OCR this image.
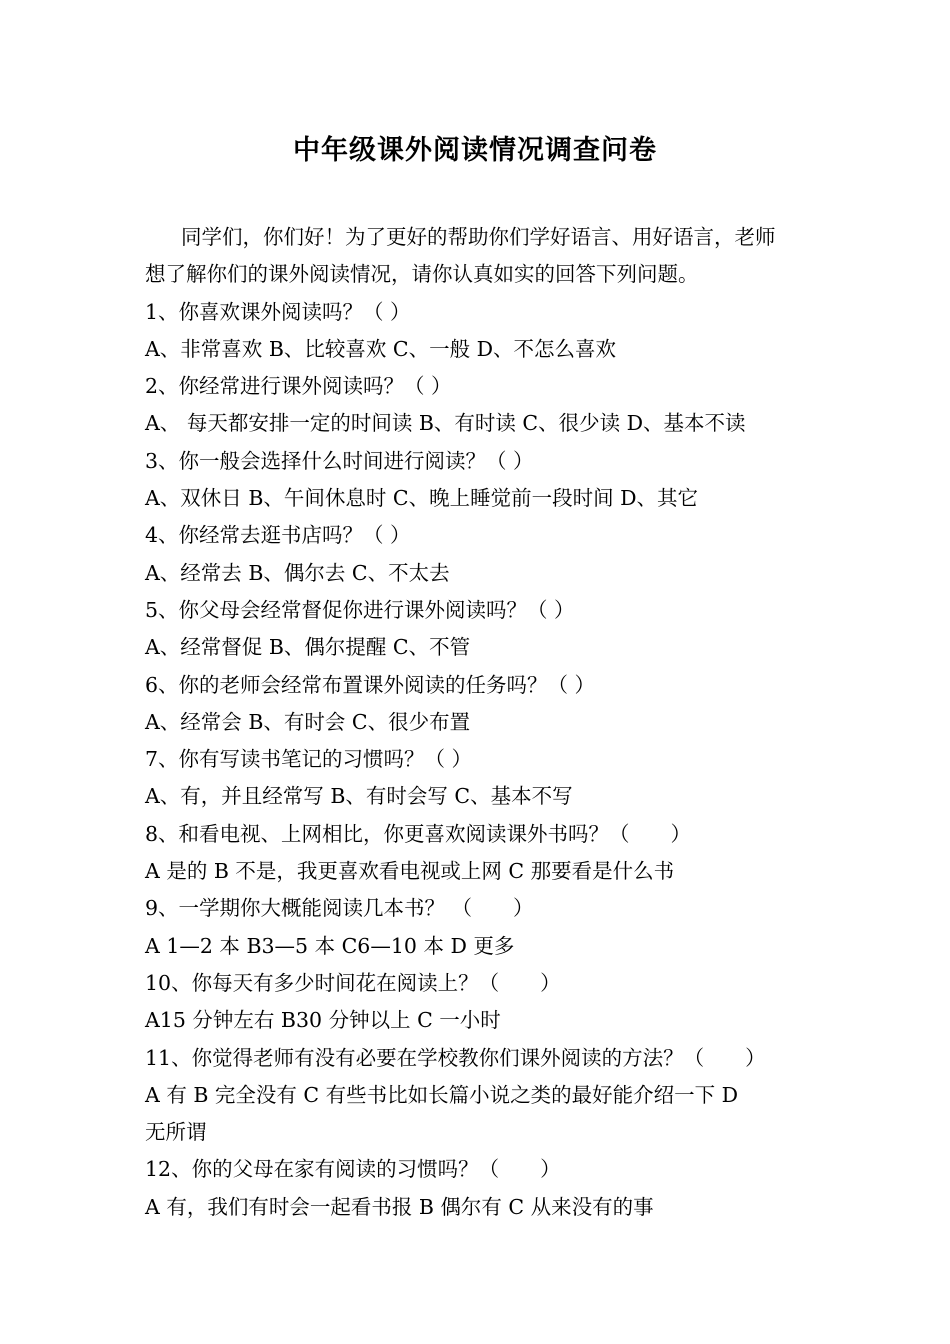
中年级课外阅读情况调查问卷
同学们，你们好！为了更好的帮助你们学好语言、用好语言，老师
想了解你们的课外阅读情况，请你认真如实的回答下列问题。
1、你喜欢课外阅读吗？（ ）
A、非常喜欢 B、比较喜欢 C、一般 D、不怎么喜欢
2、你经常进行课外阅读吗？（ ）
A、 每天都安排一定的时间读 B、有时读 C、很少读 D、基本不读
3、你一般会选择什么时间进行阅读？（ ）
A、双休日 B、午间休息时 C、晚上睡觉前一段时间 D、其它
4、你经常去逛书店吗？（ ）
A、经常去 B、偶尔去 C、不太去
5、你父母会经常督促你进行课外阅读吗？（ ）
A、经常督促 B、偶尔提醒 C、不管
6、你的老师会经常布置课外阅读的任务吗？（ ）
A、经常会 B、有时会 C、很少布置
7、你有写读书笔记的习惯吗？（ ）
A、有，并且经常写 B、有时会写 C、基本不写
8、和看电视、上网相比，你更喜欢阅读课外书吗？（　　）
A 是的 B 不是，我更喜欢看电视或上网 C 那要看是什么书
9、一学期你大概能阅读几本书？ （　　）
A 1—2 本 B3—5 本 C6—10 本 D 更多
10、你每天有多少时间花在阅读上？（　　）
A15 分钟左右 B30 分钟以上 C 一小时
11、你觉得老师有没有必要在学校教你们课外阅读的方法？（　　）
A 有 B 完全没有 C 有些书比如长篇小说之类的最好能介绍一下 D
无所谓
12、你的父母在家有阅读的习惯吗？（　　）
A 有，我们有时会一起看书报 B 偶尔有 C 从来没有的事
